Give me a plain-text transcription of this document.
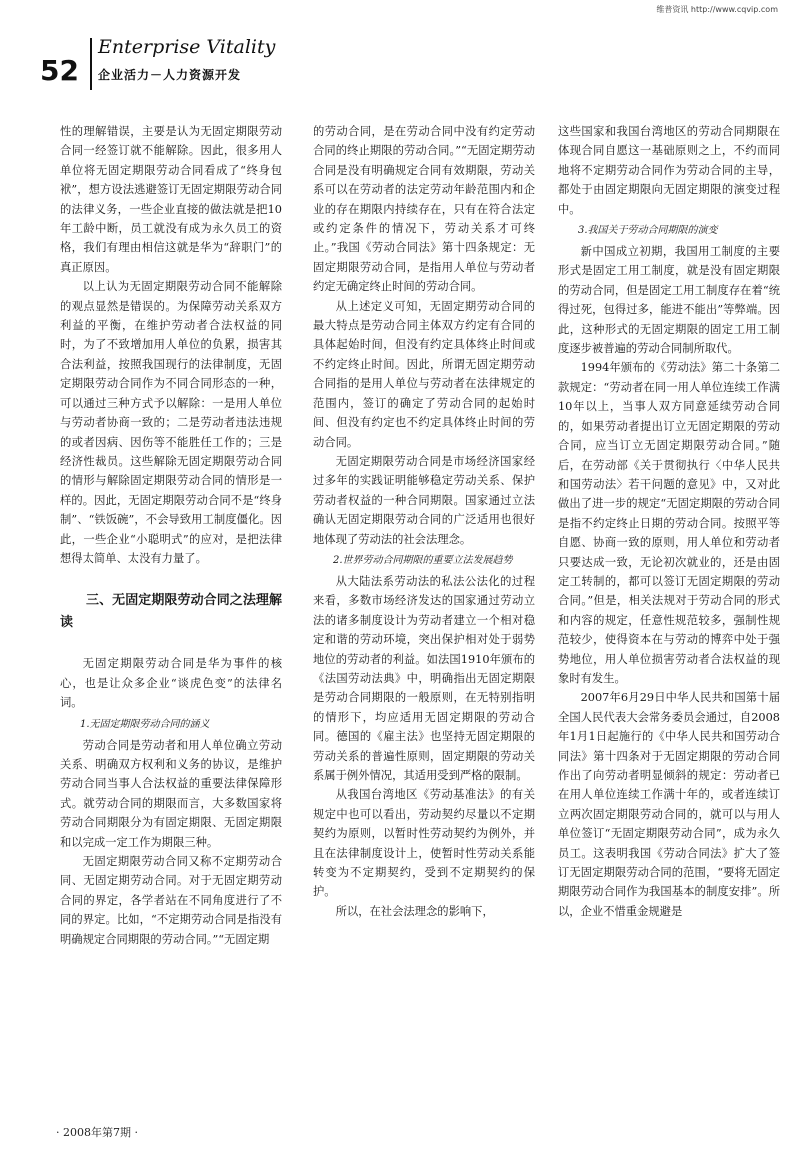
维普资讯 http://www.cqvip.com
52
Enterprise Vitality
企业活力－人力资源开发

性的理解错误，主要是认为无固定期限劳动合同一经签订就不能解除。因此，很多用人单位将无固定期限劳动合同看成了“终身包袱”，想方设法逃避签订无固定期限劳动合同的法律义务，一些企业直接的做法就是把10年工龄中断，员工就没有成为永久员工的资格，我们有理由相信这就是华为“辞职门”的真正原因。

以上认为无固定期限劳动合同不能解除的观点显然是错误的。为保障劳动关系双方利益的平衡，在维护劳动者合法权益的同时，为了不致增加用人单位的负累，损害其合法利益，按照我国现行的法律制度，无固定期限劳动合同作为不同合同形态的一种，可以通过三种方式予以解除：一是用人单位与劳动者协商一致的；二是劳动者违法违规的或者因病、因伤等不能胜任工作的；三是经济性裁员。这些解除无固定期限劳动合同的情形与解除固定期限劳动合同的情形是一样的。因此，无固定期限劳动合同不是“终身制”、“铁饭碗”，不会导致用工制度僵化。因此，一些企业“小聪明式”的应对，是把法律想得太简单、太没有力量了。

三、无固定期限劳动合同之法理解读

无固定期限劳动合同是华为事件的核心，也是让众多企业“谈虎色变”的法律名词。

1.无固定期限劳动合同的涵义

劳动合同是劳动者和用人单位确立劳动关系、明确双方权利和义务的协议，是维护劳动合同当事人合法权益的重要法律保障形式。就劳动合同的期限而言，大多数国家将劳动合同期限分为有固定期限、无固定期限和以完成一定工作为期限三种。

无固定期限劳动合同又称不定期劳动合同、无固定期劳动合同。对于无固定期劳动合同的界定，各学者站在不同角度进行了不同的界定。比如，“不定期劳动合同是指没有明确规定合同期限的劳动合同。”“无固定期

的劳动合同，是在劳动合同中没有约定劳动合同的终止期限的劳动合同。”“无固定期劳动合同是没有明确规定合同有效期限，劳动关系可以在劳动者的法定劳动年龄范围内和企业的存在期限内持续存在，只有在符合法定或约定条件的情况下，劳动关系才可终止。”我国《劳动合同法》第十四条规定：无固定期限劳动合同，是指用人单位与劳动者约定无确定终止时间的劳动合同。

从上述定义可知，无固定期劳动合同的最大特点是劳动合同主体双方约定有合同的具体起始时间，但没有约定具体终止时间或不约定终止时间。因此，所谓无固定期劳动合同指的是用人单位与劳动者在法律规定的范围内，签订的确定了劳动合同的起始时间、但没有约定也不约定具体终止时间的劳动合同。

无固定期限劳动合同是市场经济国家经过多年的实践证明能够稳定劳动关系、保护劳动者权益的一种合同期限。国家通过立法确认无固定期限劳动合同的广泛适用也很好地体现了劳动法的社会法理念。

2.世界劳动合同期限的重要立法发展趋势

从大陆法系劳动法的私法公法化的过程来看，多数市场经济发达的国家通过劳动立法的诸多制度设计为劳动者建立一个相对稳定和谐的劳动环境，突出保护相对处于弱势地位的劳动者的利益。如法国1910年颁布的《法国劳动法典》中，明确指出无固定期限是劳动合同期限的一般原则，在无特别指明的情形下，均应适用无固定期限的劳动合同。德国的《雇主法》也坚持无固定期限的劳动关系的普遍性原则，固定期限的劳动关系属于例外情况，其适用受到严格的限制。

从我国台湾地区《劳动基准法》的有关规定中也可以看出，劳动契约尽量以不定期契约为原则，以暂时性劳动契约为例外，并且在法律制度设计上，使暂时性劳动关系能转变为不定期契约，受到不定期契约的保护。

所以，在社会法理念的影响下，

这些国家和我国台湾地区的劳动合同期限在体现合同自愿这一基础原则之上，不约而同地将不定期劳动合同作为劳动合同的主导，都处于由固定期限向无固定期限的演变过程中。

3.我国关于劳动合同期限的演变

新中国成立初期，我国用工制度的主要形式是固定工用工制度，就是没有固定期限的劳动合同，但是固定工用工制度存在着“统得过死，包得过多，能进不能出”等弊端。因此，这种形式的无固定期限的固定工用工制度逐步被普遍的劳动合同制所取代。

1994年颁布的《劳动法》第二十条第二款规定：“劳动者在同一用人单位连续工作满10年以上，当事人双方同意延续劳动合同的，如果劳动者提出订立无固定期限的劳动合同，应当订立无固定期限劳动合同。”随后，在劳动部《关于贯彻执行〈中华人民共和国劳动法〉若干问题的意见》中，又对此做出了进一步的规定“无固定期限的劳动合同是指不约定终止日期的劳动合同。按照平等自愿、协商一致的原则，用人单位和劳动者只要达成一致，无论初次就业的，还是由固定工转制的，都可以签订无固定期限的劳动合同。”但是，相关法规对于劳动合同的形式和内容的规定，任意性规范较多，强制性规范较少，使得资本在与劳动的博弈中处于强势地位，用人单位损害劳动者合法权益的现象时有发生。

2007年6月29日中华人民共和国第十届全国人民代表大会常务委员会通过，自2008年1月1日起施行的《中华人民共和国劳动合同法》第十四条对于无固定期限的劳动合同作出了向劳动者明显倾斜的规定：劳动者已在用人单位连续工作满十年的，或者连续订立两次固定期限劳动合同的，就可以与用人单位签订“无固定期限劳动合同”，成为永久员工。这表明我国《劳动合同法》扩大了签订无固定期限劳动合同的范围，“要将无固定期限劳动合同作为我国基本的制度安排”。所以，企业不惜重金规避是

· 2008年第7期 ·
